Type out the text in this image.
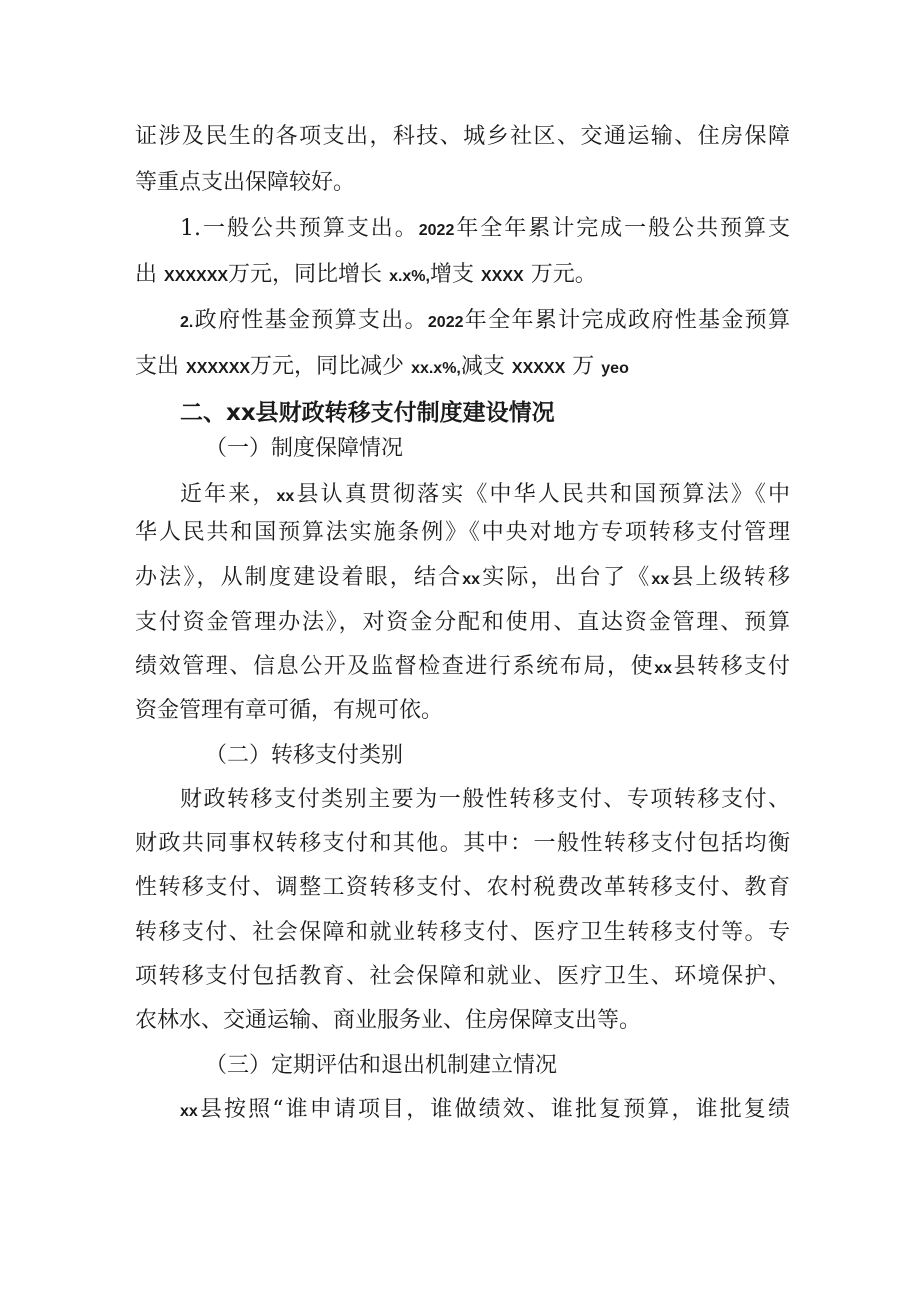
证涉及民生的各项支出，科技、城乡社区、交通运输、住房保障
等重点支出保障较好。
1.一般公共预算支出。2022年全年累计完成一般公共预算支
出 XXXXXX万元，同比增长 x.x%,增支 XXXX 万元。
2.政府性基金预算支出。2022年全年累计完成政府性基金预算
支出 XXXXXX万元，同比减少 xx.x%,减支 XXXXX 万 yeo
二、xx县财政转移支付制度建设情况
（一）制度保障情况
近年来，xx县认真贯彻落实《中华人民共和国预算法》《中
华人民共和国预算法实施条例》《中央对地方专项转移支付管理
办法》，从制度建设着眼，结合xx实际，出台了《xx县上级转移
支付资金管理办法》，对资金分配和使用、直达资金管理、预算
绩效管理、信息公开及监督检查进行系统布局，使xx县转移支付
资金管理有章可循，有规可依。
（二）转移支付类别
财政转移支付类别主要为一般性转移支付、专项转移支付、
财政共同事权转移支付和其他。其中：一般性转移支付包括均衡
性转移支付、调整工资转移支付、农村税费改革转移支付、教育
转移支付、社会保障和就业转移支付、医疗卫生转移支付等。专
项转移支付包括教育、社会保障和就业、医疗卫生、环境保护、
农林水、交通运输、商业服务业、住房保障支出等。
（三）定期评估和退出机制建立情况
xx县按照“谁申请项目，谁做绩效、谁批复预算，谁批复绩
